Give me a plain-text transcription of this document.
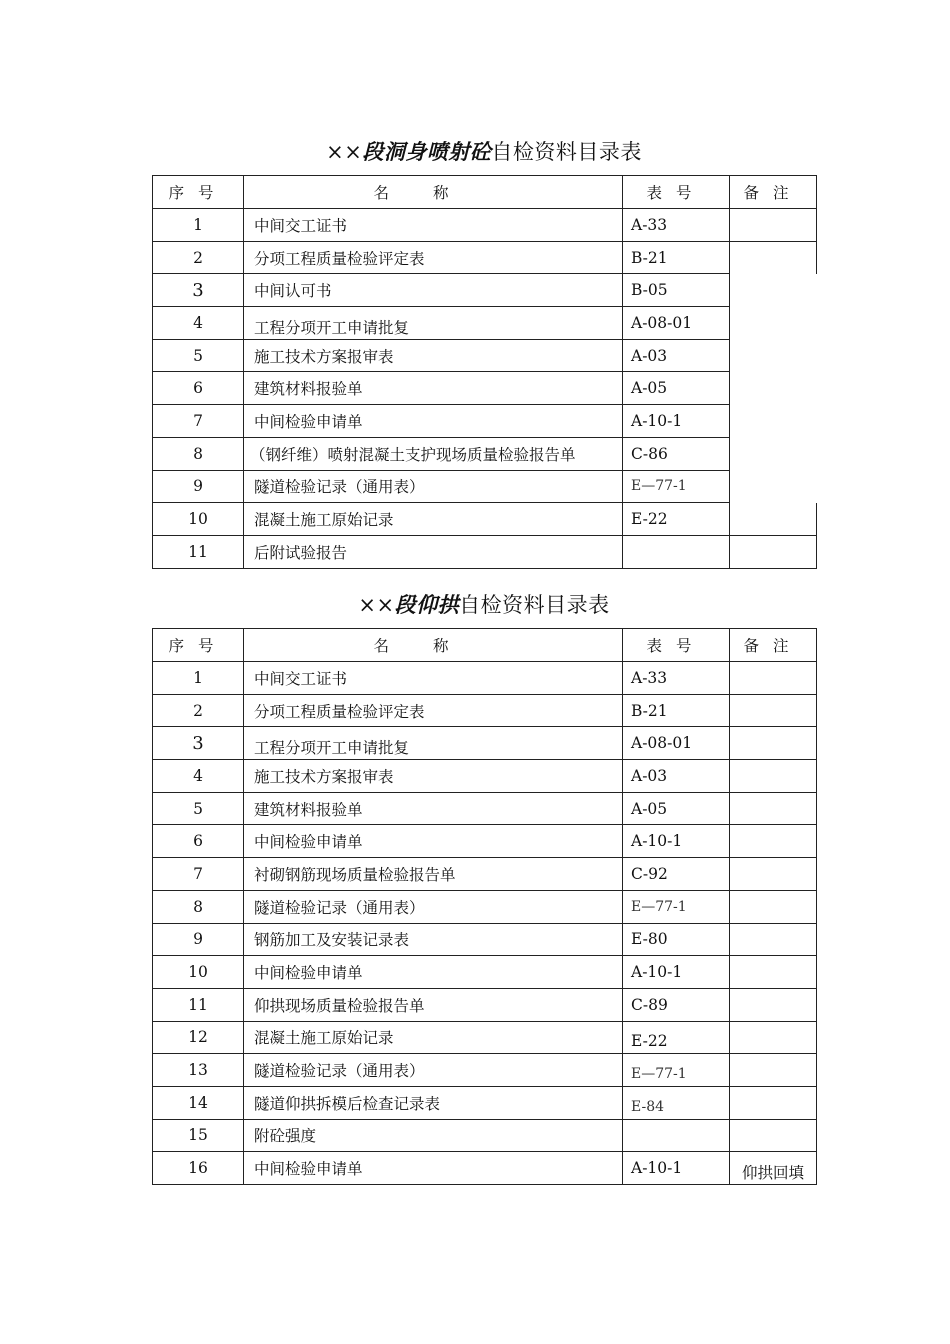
××段洞身喷射砼自检资料目录表
序号	名称	表号	备注
1	中间交工证书	A-33	
2	分项工程质量检验评定表	B-21	
3	中间认可书	B-05	
4	工程分项开工申请批复	A-08-01	
5	施工技术方案报审表	A-03	
6	建筑材料报验单	A-05	
7	中间检验申请单	A-10-1	
8	（钢纤维）喷射混凝土支护现场质量检验报告单	C-86	
9	隧道检验记录（通用表）	E—77-1	
10	混凝土施工原始记录	E-22	
11	后附试验报告		
××段仰拱自检资料目录表
序号	名称	表号	备注
1	中间交工证书	A-33	
2	分项工程质量检验评定表	B-21	
3	工程分项开工申请批复	A-08-01	
4	施工技术方案报审表	A-03	
5	建筑材料报验单	A-05	
6	中间检验申请单	A-10-1	
7	衬砌钢筋现场质量检验报告单	C-92	
8	隧道检验记录（通用表）	E—77-1	
9	钢筋加工及安装记录表	E-80	
10	中间检验申请单	A-10-1	
11	仰拱现场质量检验报告单	C-89	
12	混凝土施工原始记录	E-22	
13	隧道检验记录（通用表）	E—77-1	
14	隧道仰拱拆模后检查记录表	E-84	
15	附砼强度		
16	中间检验申请单	A-10-1	仰拱回填
